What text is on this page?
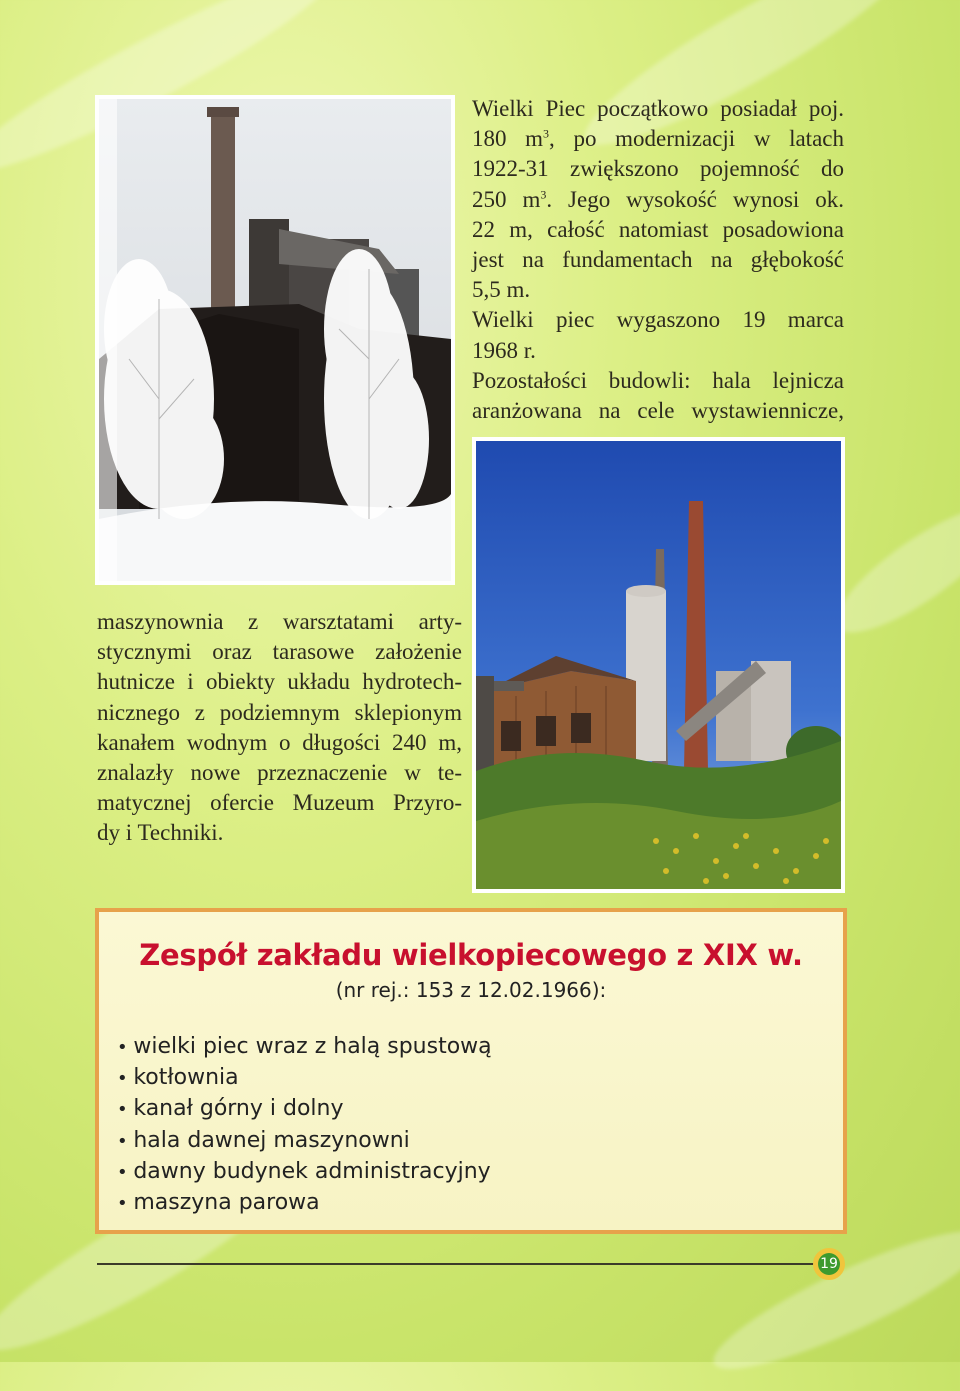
Wielki Piec początkowo posiadał poj.
180 $m^3$, po modernizacji w latach
1922-31 zwiększono pojemność do
250 $m^3$. Jego wysokość wynosi ok.
22 m, całość natomiast posadowiona
jest na fundamentach na głębokość
5,5 m.
Wielki piec wygaszono 19 marca
1968 r.
Pozostałości budowli: hala lejnicza
aranżowana na cele wystawiennicze,
maszynownia z warsztatami arty-
stycznymi oraz tarasowe założenie
hutnicze i obiekty układu hydrotech-
nicznego z podziemnym sklepionym
kanałem wodnym o długości 240 m,
znalazły nowe przeznaczenie w te-
matycznej ofercie Muzeum Przyro-
dy i Techniki.
Zespół zakładu wielkopiecowego z XIX w.
(nr rej.: 153 z 12.02.1966):
• wielki piec wraz z halą spustową
• kotłownia
• kanał górny i dolny
• hala dawnej maszynowni
• dawny budynek administracyjny
• maszyna parowa
19
